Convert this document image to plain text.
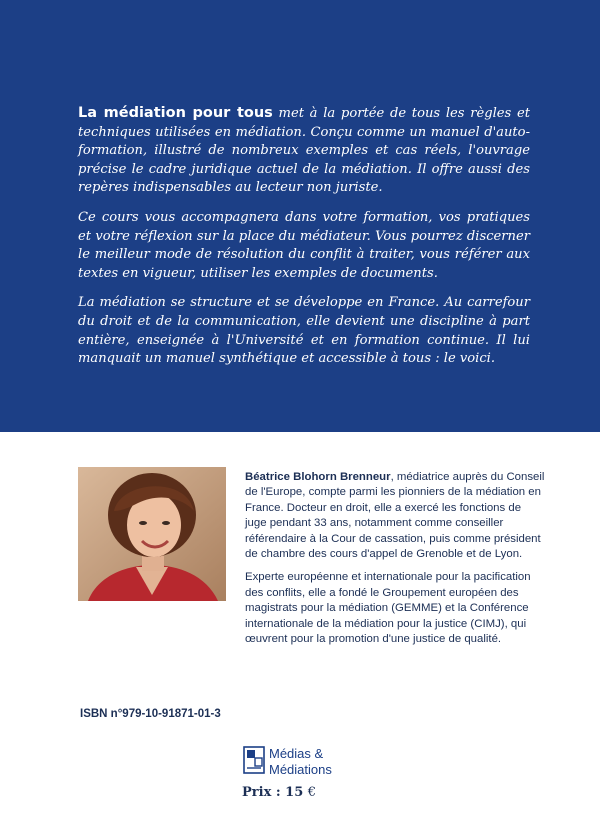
La médiation pour tous met à la portée de tous les règles et techniques utilisées en médiation. Conçu comme un manuel d'auto-formation, illustré de nombreux exemples et cas réels, l'ouvrage précise le cadre juridique actuel de la médiation. Il offre aussi des repères indispensables au lecteur non juriste.

Ce cours vous accompagnera dans votre formation, vos pratiques et votre réflexion sur la place du médiateur. Vous pourrez discerner le meilleur mode de résolution du conflit à traiter, vous référer aux textes en vigueur, utiliser les exemples de documents.

La médiation se structure et se développe en France. Au carrefour du droit et de la communication, elle devient une discipline à part entière, enseignée à l'Université et en formation continue. Il lui manquait un manuel synthétique et accessible à tous : le voici.

Béatrice Blohorn Brenneur, médiatrice auprès du Conseil de l'Europe, compte parmi les pionniers de la médiation en France. Docteur en droit, elle a exercé les fonctions de juge pendant 33 ans, notamment comme conseiller référendaire à la Cour de cassation, puis comme président de chambre des cours d'appel de Grenoble et de Lyon.

Experte européenne et internationale pour la pacification des conflits, elle a fondé le Groupement européen des magistrats pour la médiation (GEMME) et la Conférence internationale de la médiation pour la justice (CIMJ), qui œuvrent pour la promotion d'une justice de qualité.

ISBN n°979-10-91871-01-3
Médias &
Médiations
Prix : 15 €
